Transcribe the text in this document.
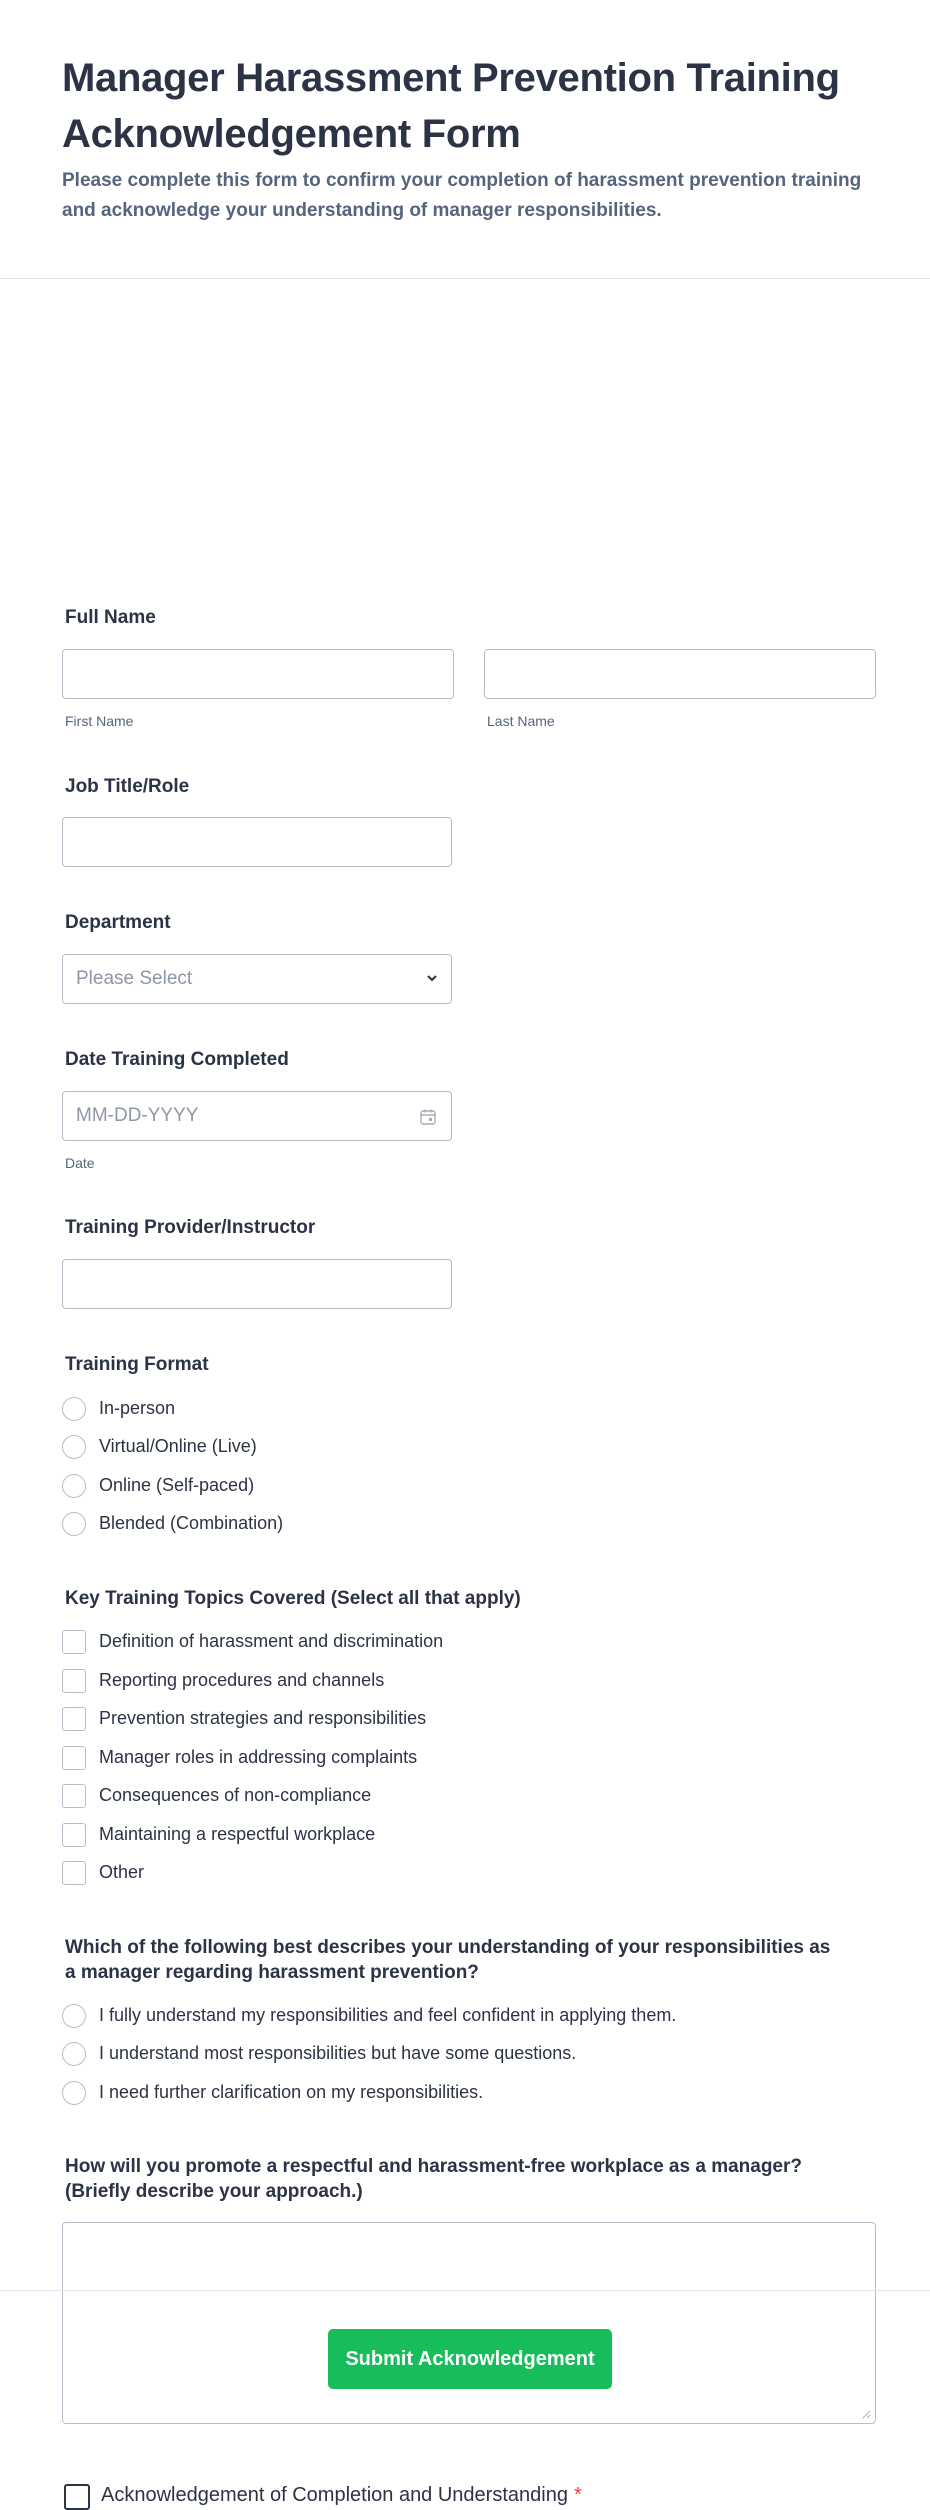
Manager Harassment Prevention Training Acknowledgement Form

Please complete this form to confirm your completion of harassment prevention training and acknowledge your understanding of manager responsibilities.

Full Name
First Name	Last Name
Job Title/Role
Department
Please Select
Date Training Completed
MM-DD-YYYY
Date
Training Provider/Instructor
Training Format
In-person
Virtual/Online (Live)
Online (Self-paced)
Blended (Combination)
Key Training Topics Covered (Select all that apply)
Definition of harassment and discrimination
Reporting procedures and channels
Prevention strategies and responsibilities
Manager roles in addressing complaints
Consequences of non-compliance
Maintaining a respectful workplace
Other
Which of the following best describes your understanding of your responsibilities as
a manager regarding harassment prevention?
I fully understand my responsibilities and feel confident in applying them.
I understand most responsibilities but have some questions.
I need further clarification on my responsibilities.
How will you promote a respectful and harassment-free workplace as a manager?
(Briefly describe your approach.)
Acknowledgement of Completion and Understanding *
Submit Acknowledgement
